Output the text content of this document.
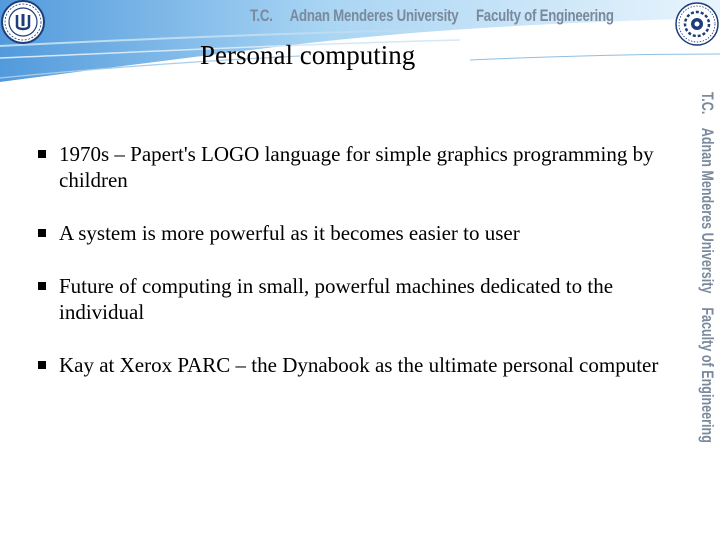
T.C. Adnan Menderes University Faculty of Engineering
Personal computing
T.C. Adnan Menderes University Faculty of Engineering
1970s – Papert's LOGO language for simple graphics programming by children
A system is more powerful as it becomes easier to user
Future of computing in small, powerful machines dedicated to the individual
Kay at Xerox PARC – the Dynabook as the ultimate personal computer
